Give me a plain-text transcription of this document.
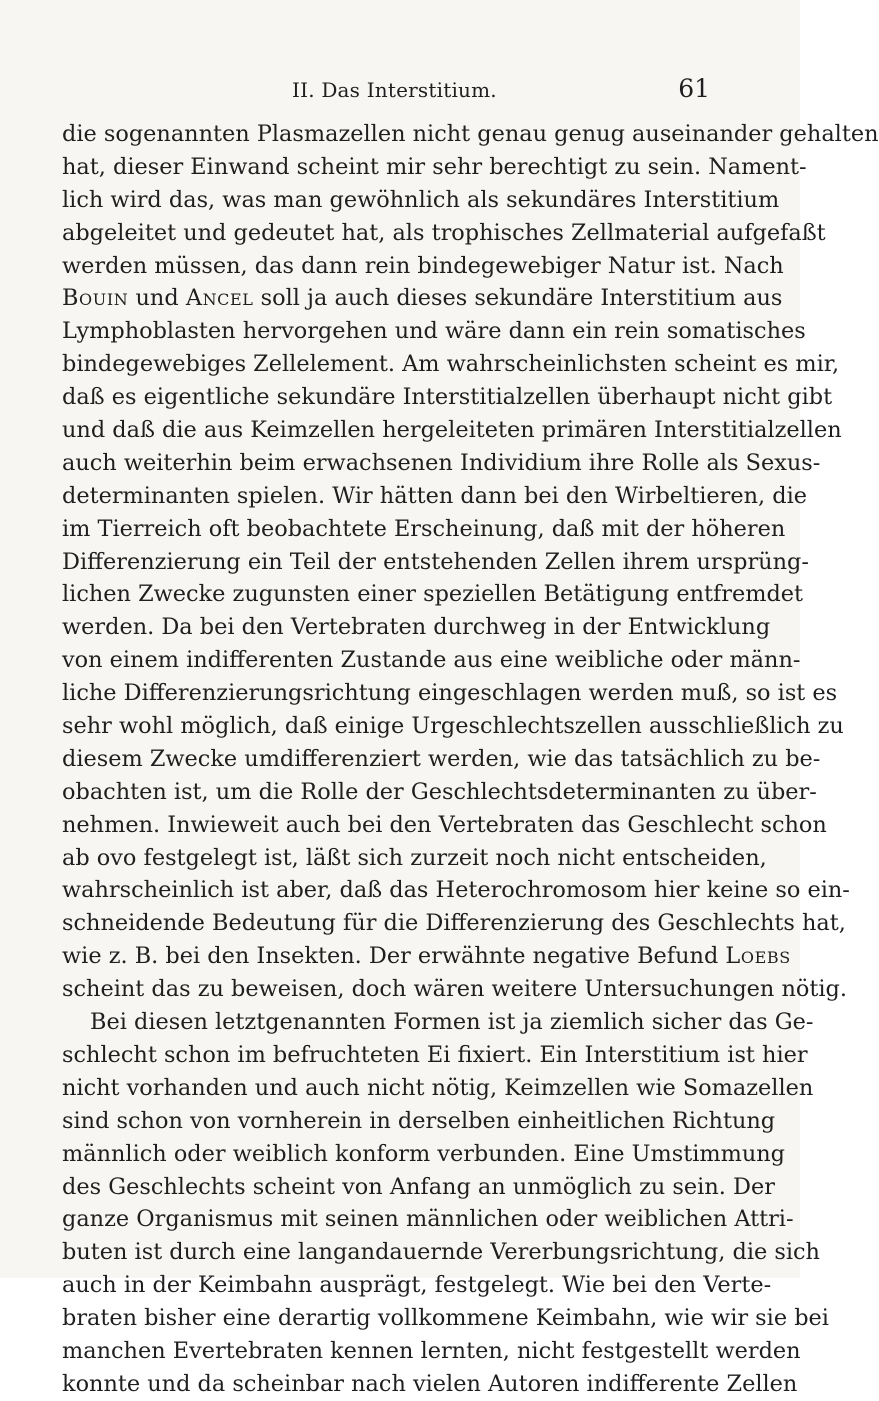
II. Das Interstitium.	61
die sogenannten Plasmazellen nicht genau genug auseinander gehalten
hat, dieser Einwand scheint mir sehr berechtigt zu sein. Nament-
lich wird das, was man gewöhnlich als sekundäres Interstitium
abgeleitet und gedeutet hat, als trophisches Zellmaterial aufgefaßt
werden müssen, das dann rein bindegewebiger Natur ist. Nach
Bouin und Ancel soll ja auch dieses sekundäre Interstitium aus
Lymphoblasten hervorgehen und wäre dann ein rein somatisches
bindegewebiges Zellelement. Am wahrscheinlichsten scheint es mir,
daß es eigentliche sekundäre Interstitialzellen überhaupt nicht gibt
und daß die aus Keimzellen hergeleiteten primären Interstitialzellen
auch weiterhin beim erwachsenen Individium ihre Rolle als Sexus-
determinanten spielen. Wir hätten dann bei den Wirbeltieren, die
im Tierreich oft beobachtete Erscheinung, daß mit der höheren
Differenzierung ein Teil der entstehenden Zellen ihrem ursprüng-
lichen Zwecke zugunsten einer speziellen Betätigung entfremdet
werden. Da bei den Vertebraten durchweg in der Entwicklung
von einem indifferenten Zustande aus eine weibliche oder männ-
liche Differenzierungsrichtung eingeschlagen werden muß, so ist es
sehr wohl möglich, daß einige Urgeschlechtszellen ausschließlich zu
diesem Zwecke umdifferenziert werden, wie das tatsächlich zu be-
obachten ist, um die Rolle der Geschlechtsdeterminanten zu über-
nehmen. Inwieweit auch bei den Vertebraten das Geschlecht schon
ab ovo festgelegt ist, läßt sich zurzeit noch nicht entscheiden,
wahrscheinlich ist aber, daß das Heterochromosom hier keine so ein-
schneidende Bedeutung für die Differenzierung des Geschlechts hat,
wie z. B. bei den Insekten. Der erwähnte negative Befund Loebs
scheint das zu beweisen, doch wären weitere Untersuchungen nötig.
Bei diesen letztgenannten Formen ist ja ziemlich sicher das Ge-
schlecht schon im befruchteten Ei fixiert. Ein Interstitium ist hier
nicht vorhanden und auch nicht nötig, Keimzellen wie Somazellen
sind schon von vornherein in derselben einheitlichen Richtung
männlich oder weiblich konform verbunden. Eine Umstimmung
des Geschlechts scheint von Anfang an unmöglich zu sein. Der
ganze Organismus mit seinen männlichen oder weiblichen Attri-
buten ist durch eine langandauernde Vererbungsrichtung, die sich
auch in der Keimbahn ausprägt, festgelegt. Wie bei den Verte-
braten bisher eine derartig vollkommene Keimbahn, wie wir sie bei
manchen Evertebraten kennen lernten, nicht festgestellt werden
konnte und da scheinbar nach vielen Autoren indifferente Zellen
